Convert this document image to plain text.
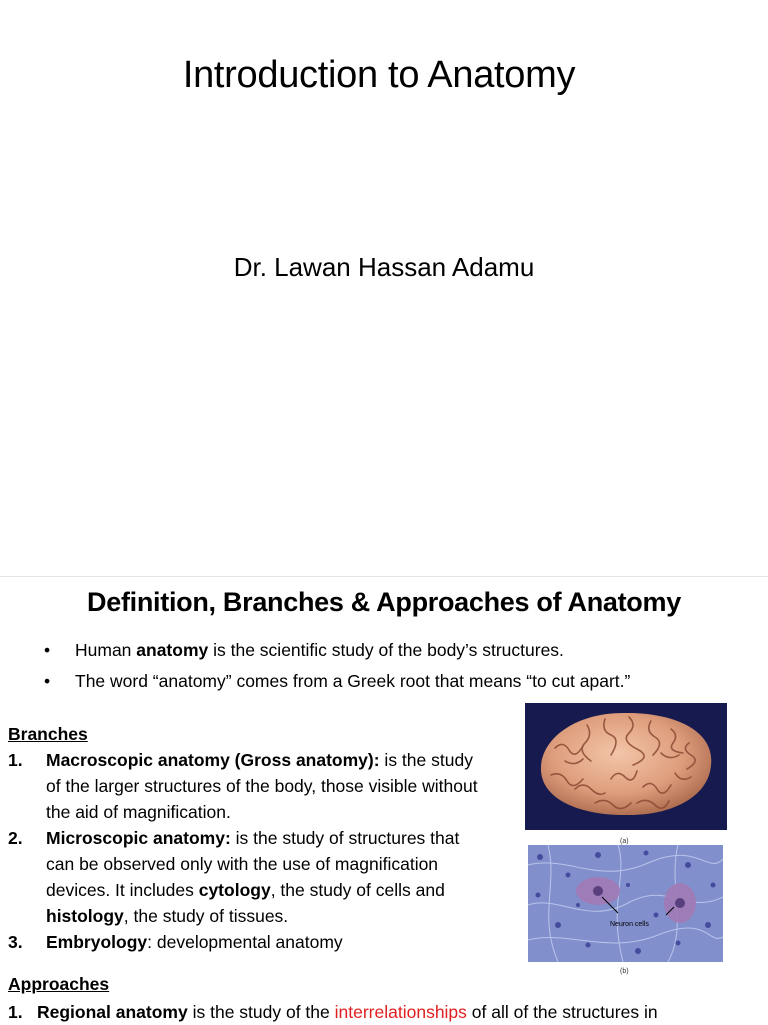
Introduction to Anatomy
Dr. Lawan Hassan Adamu
Definition, Branches & Approaches of Anatomy
• Human anatomy is the scientific study of the body’s structures.
• The word “anatomy” comes from a Greek root that means “to cut apart.”
Branches
1. Macroscopic anatomy (Gross anatomy): is the study of the larger structures of the body, those visible without the aid of magnification.
2. Microscopic anatomy: is the study of structures that can be observed only with the use of magnification devices. It includes cytology, the study of cells and histology, the study of tissues.
3. Embryology: developmental anatomy
(a)
Neuron cells
(b)
Approaches
1. Regional anatomy is the study of the interrelationships of all of the structures in
